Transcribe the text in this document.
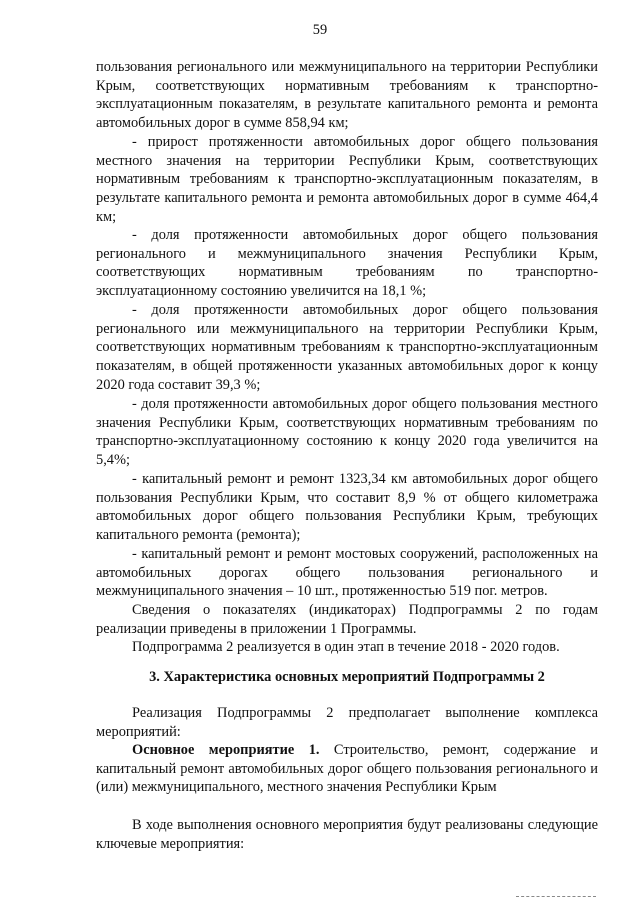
59

пользования регионального или межмуниципального на территории Республики Крым, соответствующих нормативным требованиям к транспортно-эксплуатационным показателям, в результате капитального ремонта и ремонта автомобильных дорог в сумме 858,94 км;

- прирост протяженности автомобильных дорог общего пользования местного значения на территории Республики Крым, соответствующих нормативным требованиям к транспортно-эксплуатационным показателям, в результате капитального ремонта и ремонта автомобильных дорог в сумме 464,4 км;

- доля протяженности автомобильных дорог общего пользования регионального и межмуниципального значения Республики Крым, соответствующих нормативным требованиям по транспортно-эксплуатационному состоянию увеличится на 18,1 %;

- доля протяженности автомобильных дорог общего пользования регионального или межмуниципального на территории Республики Крым, соответствующих нормативным требованиям к транспортно-эксплуатационным показателям, в общей протяженности указанных автомобильных дорог к концу 2020 года составит 39,3 %;

- доля протяженности автомобильных дорог общего пользования местного значения Республики Крым, соответствующих нормативным требованиям по транспортно-эксплуатационному состоянию к концу 2020 года увеличится на 5,4%;

- капитальный ремонт и ремонт 1323,34 км автомобильных дорог общего пользования Республики Крым, что составит 8,9 % от общего километража автомобильных дорог общего пользования Республики Крым, требующих капитального ремонта (ремонта);

- капитальный ремонт и ремонт мостовых сооружений, расположенных на автомобильных дорогах общего пользования регионального и межмуниципального значения – 10 шт., протяженностью 519 пог. метров.

Сведения о показателях (индикаторах) Подпрограммы 2 по годам реализации приведены в приложении 1 Программы.

Подпрограмма 2 реализуется в один этап в течение 2018 - 2020 годов.

3. Характеристика основных мероприятий Подпрограммы 2

Реализация Подпрограммы 2 предполагает выполнение комплекса мероприятий:

Основное мероприятие 1. Строительство, ремонт, содержание и капитальный ремонт автомобильных дорог общего пользования регионального и (или) межмуниципального, местного значения Республики Крым

В ходе выполнения основного мероприятия будут реализованы следующие ключевые мероприятия:
